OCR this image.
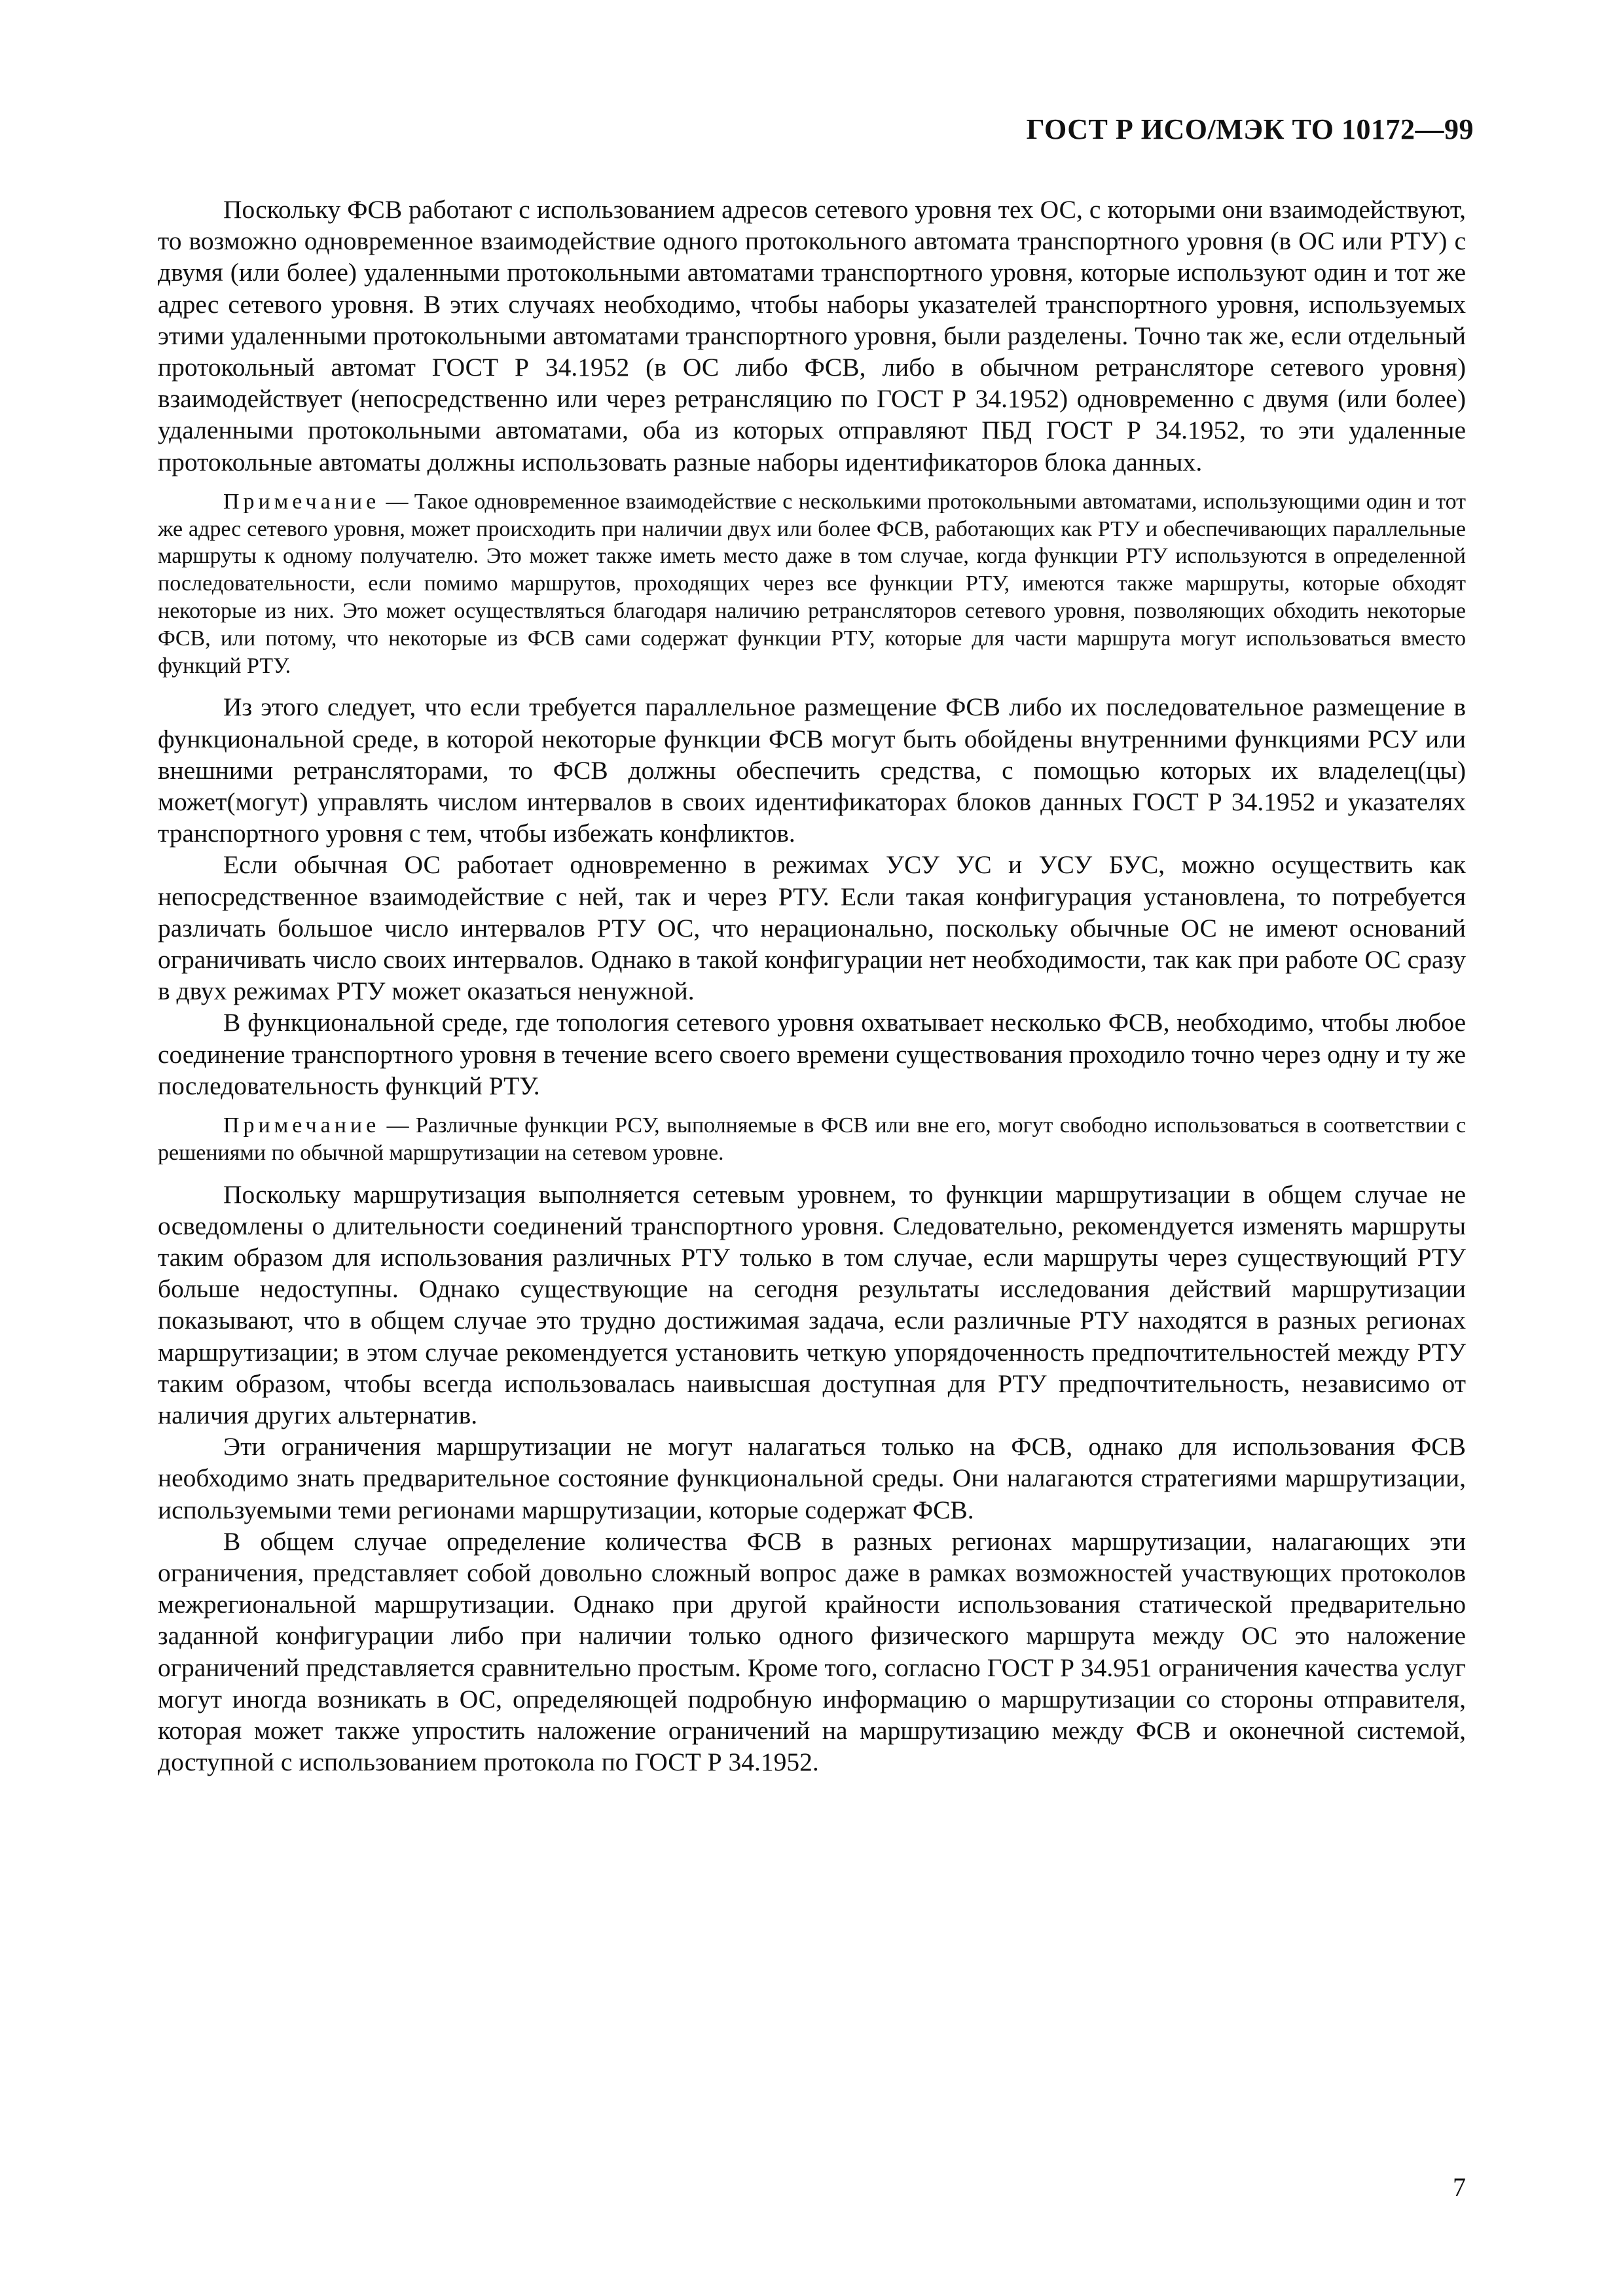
ГОСТ Р ИСО/МЭК ТО 10172—99

Поскольку ФСВ работают с использованием адресов сетевого уровня тех ОС, с которыми они взаимодействуют, то возможно одновременное взаимодействие одного протокольного автомата транспортного уровня (в ОС или РТУ) с двумя (или более) удаленными протокольными автоматами транспортного уровня, которые используют один и тот же адрес сетевого уровня. В этих случаях необходимо, чтобы наборы указателей транспортного уровня, используемых этими удаленными протокольными автоматами транспортного уровня, были разделены. Точно так же, если отдельный протокольный автомат ГОСТ Р 34.1952 (в ОС либо ФСВ, либо в обычном ретрансляторе сетевого уровня) взаимодействует (непосредственно или через ретрансляцию по ГОСТ Р 34.1952) одновременно с двумя (или более) удаленными протокольными автоматами, оба из которых отправляют ПБД ГОСТ Р 34.1952, то эти удаленные протокольные автоматы должны использовать разные наборы идентификаторов блока данных.

Примечание — Такое одновременное взаимодействие с несколькими протокольными автоматами, использующими один и тот же адрес сетевого уровня, может происходить при наличии двух или более ФСВ, работающих как РТУ и обеспечивающих параллельные маршруты к одному получателю. Это может также иметь место даже в том случае, когда функции РТУ используются в определенной последовательности, если помимо маршрутов, проходящих через все функции РТУ, имеются также маршруты, которые обходят некоторые из них. Это может осуществляться благодаря наличию ретрансляторов сетевого уровня, позволяющих обходить некоторые ФСВ, или потому, что некоторые из ФСВ сами содержат функции РТУ, которые для части маршрута могут использоваться вместо функций РТУ.

Из этого следует, что если требуется параллельное размещение ФСВ либо их последовательное размещение в функциональной среде, в которой некоторые функции ФСВ могут быть обойдены внутренними функциями РСУ или внешними ретрансляторами, то ФСВ должны обеспечить средства, с помощью которых их владелец(цы) может(могут) управлять числом интервалов в своих идентификаторах блоков данных ГОСТ Р 34.1952 и указателях транспортного уровня с тем, чтобы избежать конфликтов.

Если обычная ОС работает одновременно в режимах УСУ УС и УСУ БУС, можно осуществить как непосредственное взаимодействие с ней, так и через РТУ. Если такая конфигурация установлена, то потребуется различать большое число интервалов РТУ ОС, что нерационально, поскольку обычные ОС не имеют оснований ограничивать число своих интервалов. Однако в такой конфигурации нет необходимости, так как при работе ОС сразу в двух режимах РТУ может оказаться ненужной.

В функциональной среде, где топология сетевого уровня охватывает несколько ФСВ, необходимо, чтобы любое соединение транспортного уровня в течение всего своего времени существования проходило точно через одну и ту же последовательность функций РТУ.

Примечание — Различные функции РСУ, выполняемые в ФСВ или вне его, могут свободно использоваться в соответствии с решениями по обычной маршрутизации на сетевом уровне.

Поскольку маршрутизация выполняется сетевым уровнем, то функции маршрутизации в общем случае не осведомлены о длительности соединений транспортного уровня. Следовательно, рекомендуется изменять маршруты таким образом для использования различных РТУ только в том случае, если маршруты через существующий РТУ больше недоступны. Однако существующие на сегодня результаты исследования действий маршрутизации показывают, что в общем случае это трудно достижимая задача, если различные РТУ находятся в разных регионах маршрутизации; в этом случае рекомендуется установить четкую упорядоченность предпочтительностей между РТУ таким образом, чтобы всегда использовалась наивысшая доступная для РТУ предпочтительность, независимо от наличия других альтернатив.

Эти ограничения маршрутизации не могут налагаться только на ФСВ, однако для использования ФСВ необходимо знать предварительное состояние функциональной среды. Они налагаются стратегиями маршрутизации, используемыми теми регионами маршрутизации, которые содержат ФСВ.

В общем случае определение количества ФСВ в разных регионах маршрутизации, налагающих эти ограничения, представляет собой довольно сложный вопрос даже в рамках возможностей участвующих протоколов межрегиональной маршрутизации. Однако при другой крайности использования статической предварительно заданной конфигурации либо при наличии только одного физического маршрута между ОС это наложение ограничений представляется сравнительно простым. Кроме того, согласно ГОСТ Р 34.951 ограничения качества услуг могут иногда возникать в ОС, определяющей подробную информацию о маршрутизации со стороны отправителя, которая может также упростить наложение ограничений на маршрутизацию между ФСВ и оконечной системой, доступной с использованием протокола по ГОСТ Р 34.1952.

7
